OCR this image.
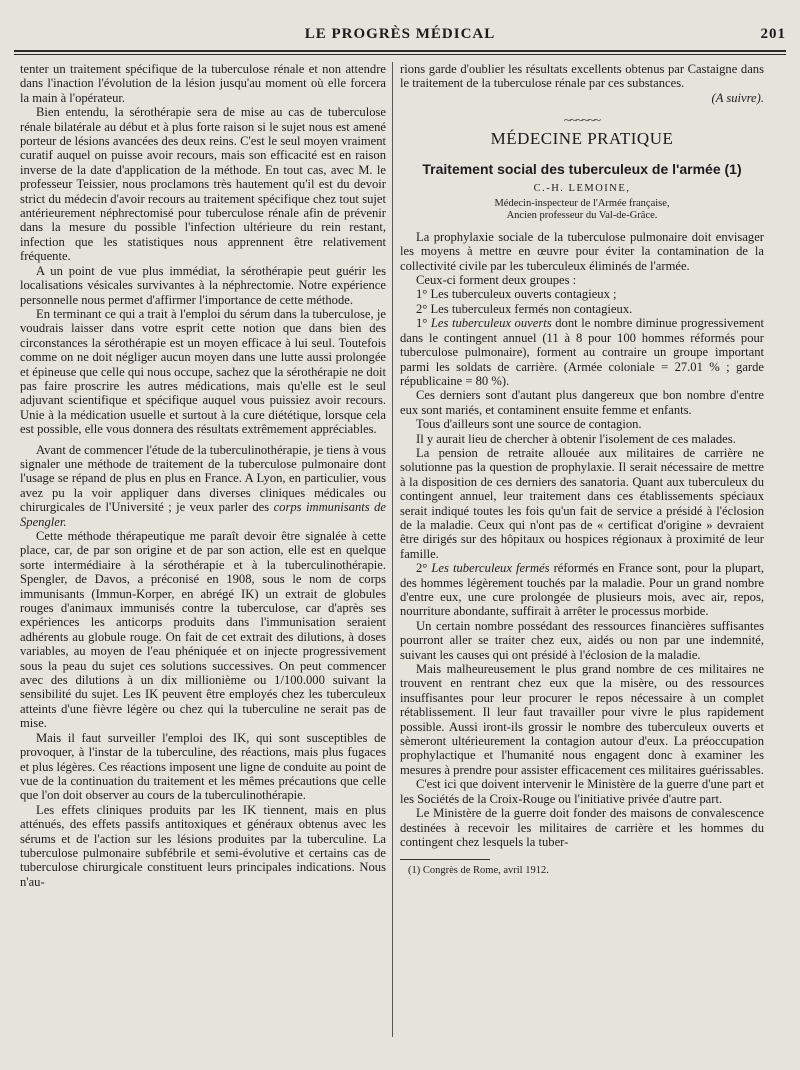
LE PROGRÈS MÉDICAL	201

tenter un traitement spécifique de la tuberculose rénale et non attendre dans l'inaction l'évolution de la lésion jusqu'au moment où elle forcera la main à l'opérateur.

Bien entendu, la sérothérapie sera de mise au cas de tuberculose rénale bilatérale au début et à plus forte raison si le sujet nous est amené porteur de lésions avancées des deux reins. C'est le seul moyen vraiment curatif auquel on puisse avoir recours, mais son efficacité est en raison inverse de la date d'application de la méthode. En tout cas, avec M. le professeur Teissier, nous proclamons très hautement qu'il est du devoir strict du médecin d'avoir recours au traitement spécifique chez tout sujet antérieurement néphrectomisé pour tuberculose rénale afin de prévenir dans la mesure du possible l'infection ultérieure du rein restant, infection que les statistiques nous apprennent être relativement fréquente.

A un point de vue plus immédiat, la sérothérapie peut guérir les localisations vésicales survivantes à la néphrectomie. Notre expérience personnelle nous permet d'affirmer l'importance de cette méthode.

En terminant ce qui a trait à l'emploi du sérum dans la tuberculose, je voudrais laisser dans votre esprit cette notion que dans bien des circonstances la sérothérapie est un moyen efficace à lui seul. Toutefois comme on ne doit négliger aucun moyen dans une lutte aussi prolongée et épineuse que celle qui nous occupe, sachez que la sérothérapie ne doit pas faire proscrire les autres médications, mais qu'elle est le seul adjuvant scientifique et spécifique auquel vous puissiez avoir recours. Unie à la médication usuelle et surtout à la cure diététique, lorsque cela est possible, elle vous donnera des résultats extrêmement appréciables.

Avant de commencer l'étude de la tuberculinothérapie, je tiens à vous signaler une méthode de traitement de la tuberculose pulmonaire dont l'usage se répand de plus en plus en France. A Lyon, en particulier, vous avez pu la voir appliquer dans diverses cliniques médicales ou chirurgicales de l'Université ; je veux parler des corps immunisants de Spengler.

Cette méthode thérapeutique me paraît devoir être signalée à cette place, car, de par son origine et de par son action, elle est en quelque sorte intermédiaire à la sérothérapie et à la tuberculinothérapie. Spengler, de Davos, a préconisé en 1908, sous le nom de corps immunisants (Immun-Korper, en abrégé IK) un extrait de globules rouges d'animaux immunisés contre la tuberculose, car d'après ses expériences les anticorps produits dans l'immunisation seraient adhérents au globule rouge. On fait de cet extrait des dilutions, à doses variables, au moyen de l'eau phéniquée et on injecte progressivement sous la peau du sujet ces solutions successives. On peut commencer avec des dilutions à un dix millionième ou 1/100.000 suivant la sensibilité du sujet. Les IK peuvent être employés chez les tuberculeux atteints d'une fièvre légère ou chez qui la tuberculine ne serait pas de mise.

Mais il faut surveiller l'emploi des IK, qui sont susceptibles de provoquer, à l'instar de la tuberculine, des réactions, mais plus fugaces et plus légères. Ces réactions imposent une ligne de conduite au point de vue de la continuation du traitement et les mêmes précautions que celle que l'on doit observer au cours de la tuberculinothérapie.

Les effets cliniques produits par les IK tiennent, mais en plus atténués, des effets passifs antitoxiques et généraux obtenus avec les sérums et de l'action sur les lésions produites par la tuberculine. La tuberculose pulmonaire subfébrile et semi-évolutive et certains cas de tuberculose chirurgicale constituent leurs principales indications. Nous n'au-

rions garde d'oublier les résultats excellents obtenus par Castaigne dans le traitement de la tuberculose rénale par ces substances.

(A suivre).
~~~~~~
MÉDECINE PRATIQUE
Traitement social des tuberculeux de l'armée (1)
C.-H. LEMOINE,
Médecin-inspecteur de l'Armée française,
Ancien professeur du Val-de-Grâce.

La prophylaxie sociale de la tuberculose pulmonaire doit envisager les moyens à mettre en œuvre pour éviter la contamination de la collectivité civile par les tuberculeux éliminés de l'armée.

Ceux-ci forment deux groupes :

1° Les tuberculeux ouverts contagieux ;

2° Les tuberculeux fermés non contagieux.

1° Les tuberculeux ouverts dont le nombre diminue progressivement dans le contingent annuel (11 à 8 pour 100 hommes réformés pour tuberculose pulmonaire), forment au contraire un groupe important parmi les soldats de carrière. (Armée coloniale = 27.01 % ; garde républicaine = 80 %).

Ces derniers sont d'autant plus dangereux que bon nombre d'entre eux sont mariés, et contaminent ensuite femme et enfants.

Tous d'ailleurs sont une source de contagion.

Il y aurait lieu de chercher à obtenir l'isolement de ces malades.

La pension de retraite allouée aux militaires de carrière ne solutionne pas la question de prophylaxie. Il serait nécessaire de mettre à la disposition de ces derniers des sanatoria. Quant aux tuberculeux du contingent annuel, leur traitement dans ces établissements spéciaux serait indiqué toutes les fois qu'un fait de service a présidé à l'éclosion de la maladie. Ceux qui n'ont pas de « certificat d'origine » devraient être dirigés sur des hôpitaux ou hospices régionaux à proximité de leur famille.

2° Les tuberculeux fermés réformés en France sont, pour la plupart, des hommes légèrement touchés par la maladie. Pour un grand nombre d'entre eux, une cure prolongée de plusieurs mois, avec air, repos, nourriture abondante, suffirait à arrêter le processus morbide.

Un certain nombre possédant des ressources financières suffisantes pourront aller se traiter chez eux, aidés ou non par une indemnité, suivant les causes qui ont présidé à l'éclosion de la maladie.

Mais malheureusement le plus grand nombre de ces militaires ne trouvent en rentrant chez eux que la misère, ou des ressources insuffisantes pour leur procurer le repos nécessaire à un complet rétablissement. Il leur faut travailler pour vivre le plus rapidement possible. Aussi iront-ils grossir le nombre des tuberculeux ouverts et sèmeront ultérieurement la contagion autour d'eux. La préoccupation prophylactique et l'humanité nous engagent donc à examiner les mesures à prendre pour assister efficacement ces militaires guérissables.

C'est ici que doivent intervenir le Ministère de la guerre d'une part et les Sociétés de la Croix-Rouge ou l'initiative privée d'autre part.

Le Ministère de la guerre doit fonder des maisons de convalescence destinées à recevoir les militaires de carrière et les hommes du contingent chez lesquels la tuber-

(1) Congrès de Rome, avril 1912.
